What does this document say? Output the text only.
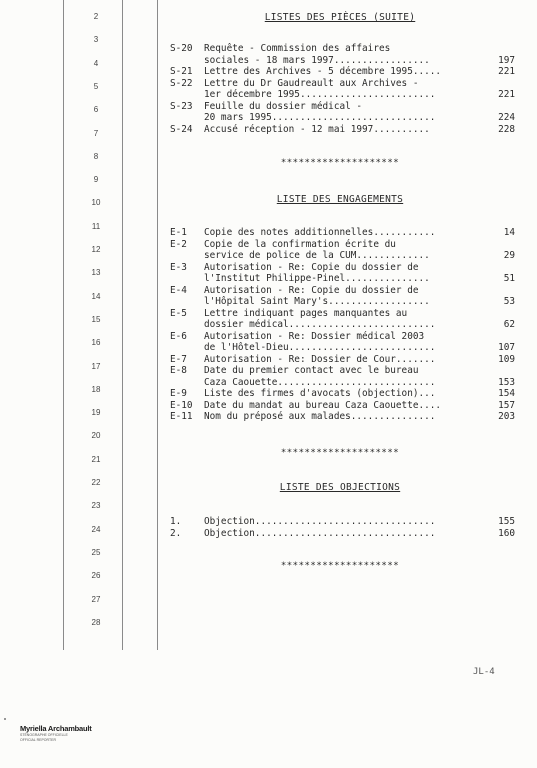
2
3
4
5
6
7
8
9
10
11
12
13
14
15
16
17
18
19
20
21
22
23
24
25
26
27
28
LISTES DES PIÈCES (SUITE)
S-20	Requête - Commission des affaires
sociales - 18 mars 1997.................	197
S-21	Lettre des Archives - 5 décembre 1995.....	221
S-22	Lettre du Dr Gaudreault aux Archives -
1er décembre 1995........................	221
S-23	Feuille du dossier médical -
20 mars 1995.............................	224
S-24	Accusé réception - 12 mai 1997..........	228
********************
LISTE DES ENGAGEMENTS
E-1	Copie des notes additionnelles...........	14
E-2	Copie de la confirmation écrite du
service de police de la CUM.............	29
E-3	Autorisation - Re: Copie du dossier de
l'Institut Philippe-Pinel...............	51
E-4	Autorisation - Re: Copie du dossier de
l'Hôpital Saint Mary's..................	53
E-5	Lettre indiquant pages manquantes au
dossier médical..........................	62
E-6	Autorisation - Re: Dossier médical 2003
de l'Hôtel-Dieu..........................	107
E-7	Autorisation - Re: Dossier de Cour.......	109
E-8	Date du premier contact avec le bureau
Caza Caouette............................	153
E-9	Liste des firmes d'avocats (objection)...	154
E-10	Date du mandat au bureau Caza Caouette....	157
E-11	Nom du préposé aux malades...............	203
********************
LISTE DES OBJECTIONS
1.	Objection................................	155
2.	Objection................................	160
********************
JL-4
Myriella Archambault
STÉNOGRAPHE OFFICIELLE
OFFICIAL REPORTER
